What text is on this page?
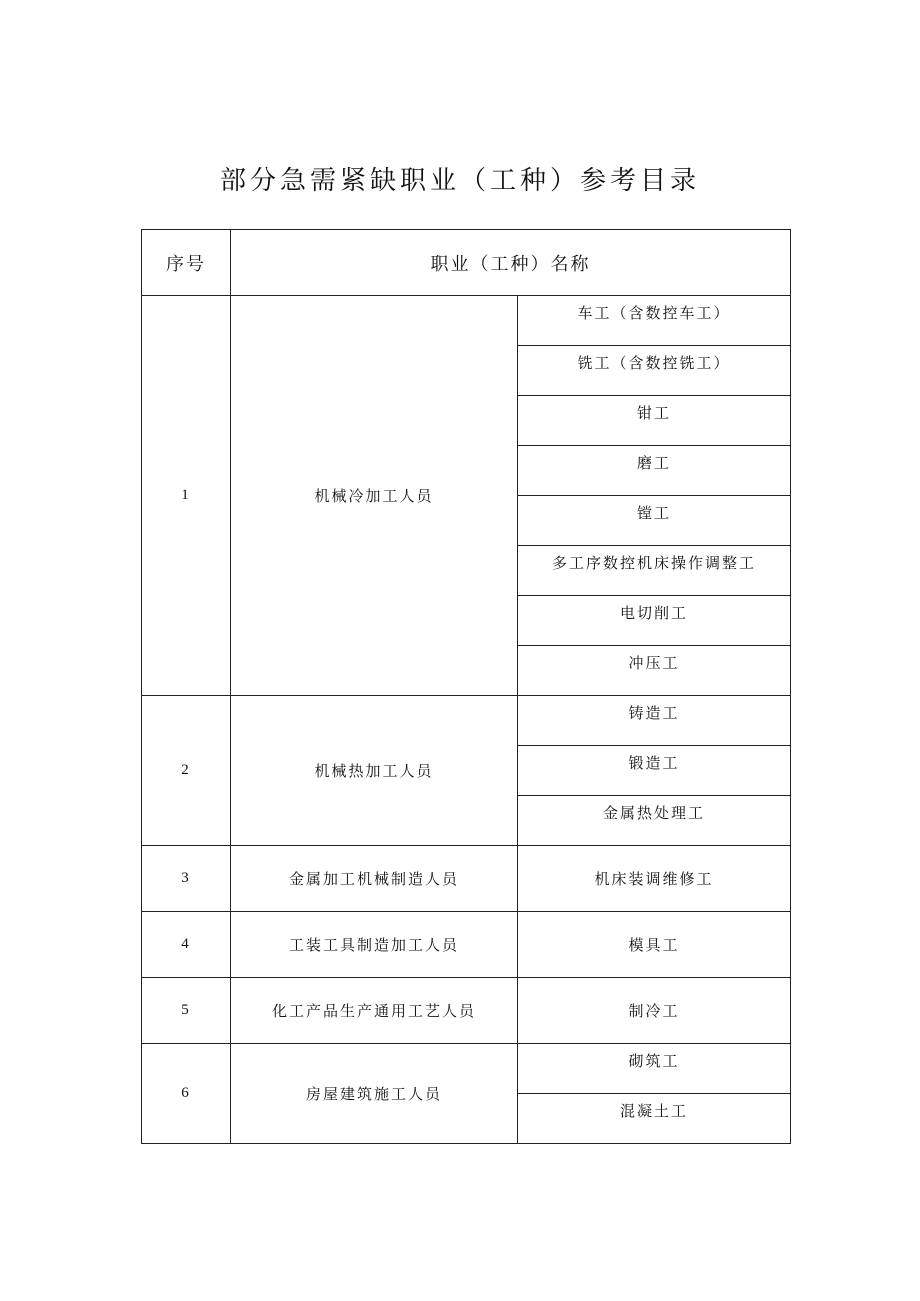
部分急需紧缺职业（工种）参考目录
序号	职业（工种）名称	
1	机械冷加工人员	车工（含数控车工）
		铣工（含数控铣工）
		钳工
		磨工
		镗工
		多工序数控机床操作调整工
		电切削工
		冲压工
2	机械热加工人员	铸造工
		锻造工
		金属热处理工
3	金属加工机械制造人员	机床装调维修工
4	工装工具制造加工人员	模具工
5	化工产品生产通用工艺人员	制冷工
6	房屋建筑施工人员	砌筑工
		混凝土工
